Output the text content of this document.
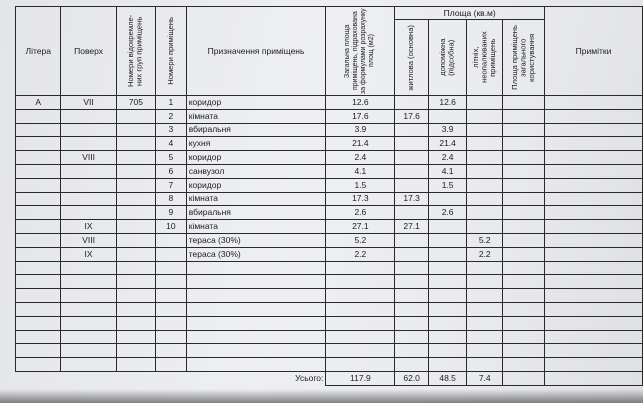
Літера	Поверх	Номери відокремле-них груп приміщень	Номери приміщень	Призначення приміщень	Загальна площа приміщень, підрахована за формулами розрахунку площ (м2)	Площа (кв.м)				Примітки

						житлова (основна)	допоміжна (підсобна)	літніх, неопалюваних приміщень	Площа приміщень загального користування	

А	VII	705	1	коридор	12.6		12.6			
			2	кімната	17.6	17.6				
			3	вбиральня	3.9		3.9			
			4	кухня	21.4		21.4			
	VIII		5	коридор	2.4		2.4			
			6	санвузол	4.1		4.1			
			7	коридор	1.5		1.5			
			8	кімната	17.3	17.3				
			9	вбиральня	2.6		2.6			
	IX		10	кімната	27.1	27.1				
	VIII			тераса (30%)	5.2			5.2		
	IX			тераса (30%)	2.2			2.2		

Усього:					117.9	62.0	48.5	7.4		
